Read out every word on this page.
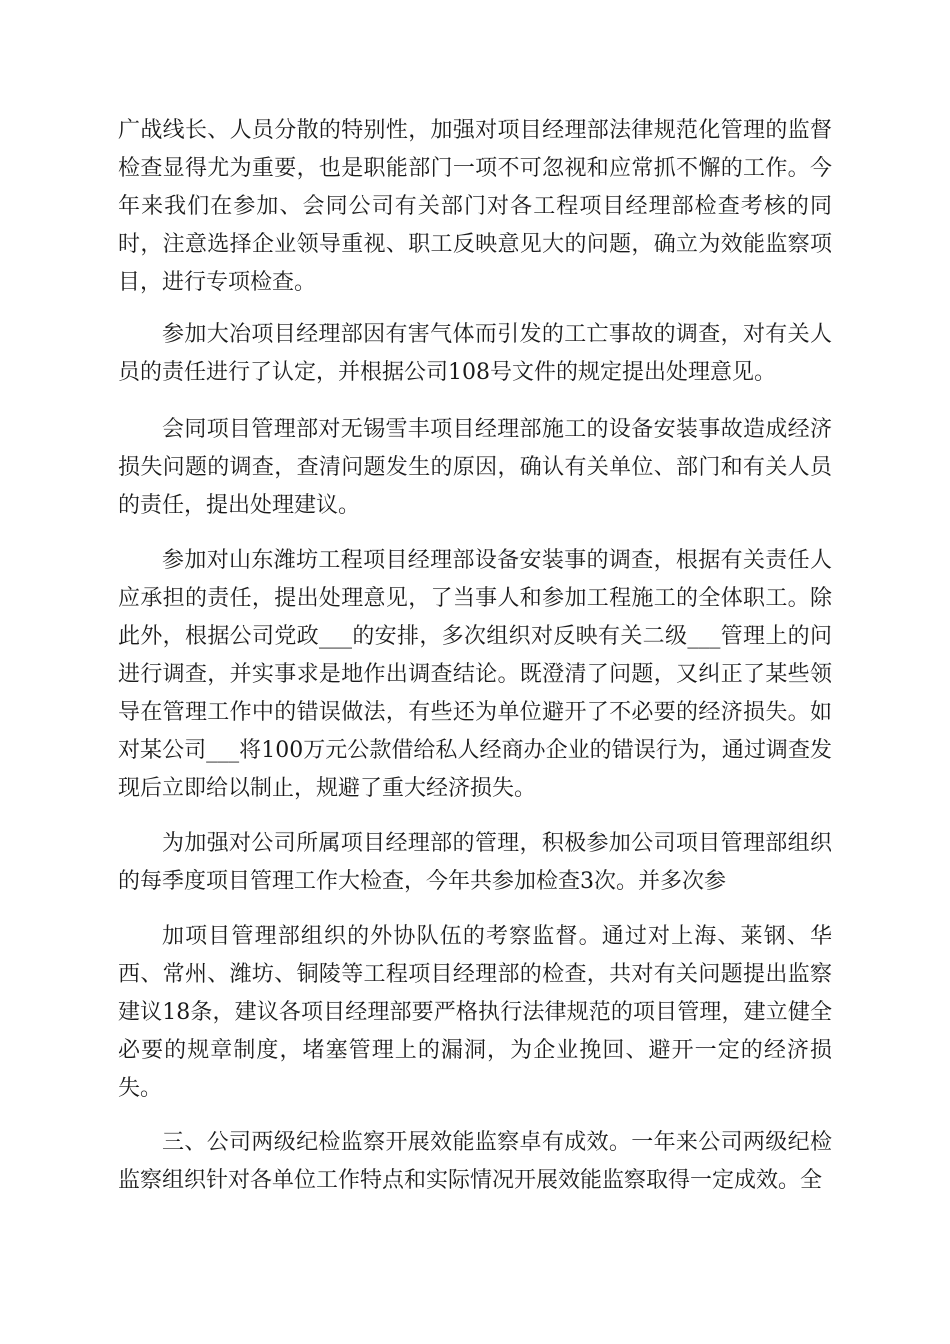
广战线长、人员分散的特别性，加强对项目经理部法律规范化管理的监督检查显得尤为重要，也是职能部门一项不可忽视和应常抓不懈的工作。今年来我们在参加、会同公司有关部门对各工程项目经理部检查考核的同时，注意选择企业领导重视、职工反映意见大的问题，确立为效能监察项目，进行专项检查。

参加大冶项目经理部因有害气体而引发的工亡事故的调查，对有关人员的责任进行了认定，并根据公司108号文件的规定提出处理意见。

会同项目管理部对无锡雪丰项目经理部施工的设备安装事故造成经济损失问题的调查，查清问题发生的原因，确认有关单位、部门和有关人员的责任，提出处理建议。

参加对山东潍坊工程项目经理部设备安装事的调查，根据有关责任人应承担的责任，提出处理意见，了当事人和参加工程施工的全体职工。除此外，根据公司党政___的安排，多次组织对反映有关二级___管理上的问进行调查，并实事求是地作出调查结论。既澄清了问题，又纠正了某些领导在管理工作中的错误做法，有些还为单位避开了不必要的经济损失。如对某公司___将100万元公款借给私人经商办企业的错误行为，通过调查发现后立即给以制止，规避了重大经济损失。

为加强对公司所属项目经理部的管理，积极参加公司项目管理部组织的每季度项目管理工作大检查，今年共参加检查3次。并多次参

加项目管理部组织的外协队伍的考察监督。通过对上海、莱钢、华西、常州、潍坊、铜陵等工程项目经理部的检查，共对有关问题提出监察建议18条，建议各项目经理部要严格执行法律规范的项目管理，建立健全必要的规章制度，堵塞管理上的漏洞，为企业挽回、避开一定的经济损失。

三、公司两级纪检监察开展效能监察卓有成效。一年来公司两级纪检监察组织针对各单位工作特点和实际情况开展效能监察取得一定成效。全
